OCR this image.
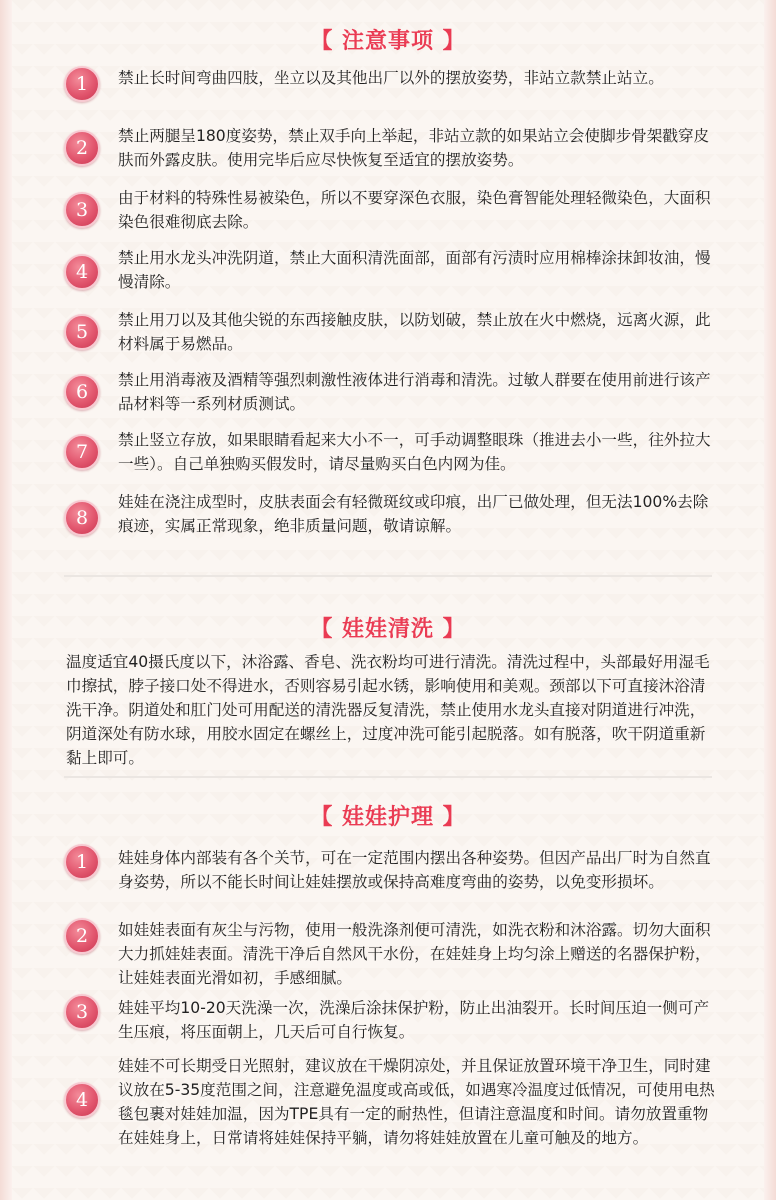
【 注意事项 】
1	禁止长时间弯曲四肢，坐立以及其他出厂以外的摆放姿势，非站立款禁止站立。
2
禁止两腿呈180度姿势，禁止双手向上举起，非站立款的如果站立会使脚步骨架戳穿皮肤而外露皮肤。使用完毕后应尽快恢复至适宜的摆放姿势。
3
由于材料的特殊性易被染色，所以不要穿深色衣服，染色膏智能处理轻微染色，大面积染色很难彻底去除。
4
禁止用水龙头冲洗阴道，禁止大面积清洗面部，面部有污渍时应用棉棒涂抹卸妆油，慢慢清除。
5
禁止用刀以及其他尖锐的东西接触皮肤，以防划破，禁止放在火中燃烧，远离火源，此材料属于易燃品。
6
禁止用消毒液及酒精等强烈刺激性液体进行消毒和清洗。过敏人群要在使用前进行该产品材料等一系列材质测试。
7
禁止竖立存放，如果眼睛看起来大小不一，可手动调整眼珠（推进去小一些，往外拉大一些）。自己单独购买假发时，请尽量购买白色内网为佳。
8
娃娃在浇注成型时，皮肤表面会有轻微斑纹或印痕，出厂已做处理，但无法100%去除痕迹，实属正常现象，绝非质量问题，敬请谅解。
【 娃娃清洗 】
温度适宜40摄氏度以下，沐浴露、香皂、洗衣粉均可进行清洗。清洗过程中，头部最好用湿毛巾擦拭，脖子接口处不得进水，否则容易引起水锈，影响使用和美观。颈部以下可直接沐浴清洗干净。阴道处和肛门处可用配送的清洗器反复清洗，禁止使用水龙头直接对阴道进行冲洗，阴道深处有防水球，用胶水固定在螺丝上，过度冲洗可能引起脱落。如有脱落，吹干阴道重新黏上即可。
【 娃娃护理 】
1	娃娃身体内部装有各个关节，可在一定范围内摆出各种姿势。但因产品出厂时为自然直身姿势，所以不能长时间让娃娃摆放或保持高难度弯曲的姿势，以免变形损坏。
2	如娃娃表面有灰尘与污物，使用一般洗涤剂便可清洗，如洗衣粉和沐浴露。切勿大面积大力抓娃娃表面。清洗干净后自然风干水份，在娃娃身上均匀涂上赠送的名器保护粉，让娃娃表面光滑如初，手感细腻。
3	娃娃平均10-20天洗澡一次，洗澡后涂抹保护粉，防止出油裂开。长时间压迫一侧可产生压痕，将压面朝上，几天后可自行恢复。
4
娃娃不可长期受日光照射，建议放在干燥阴凉处，并且保证放置环境干净卫生，同时建议放在5-35度范围之间，注意避免温度或高或低，如遇寒冷温度过低情况，可使用电热毯包裹对娃娃加温，因为TPE具有一定的耐热性，但请注意温度和时间。请勿放置重物在娃娃身上，日常请将娃娃保持平躺，请勿将娃娃放置在儿童可触及的地方。
